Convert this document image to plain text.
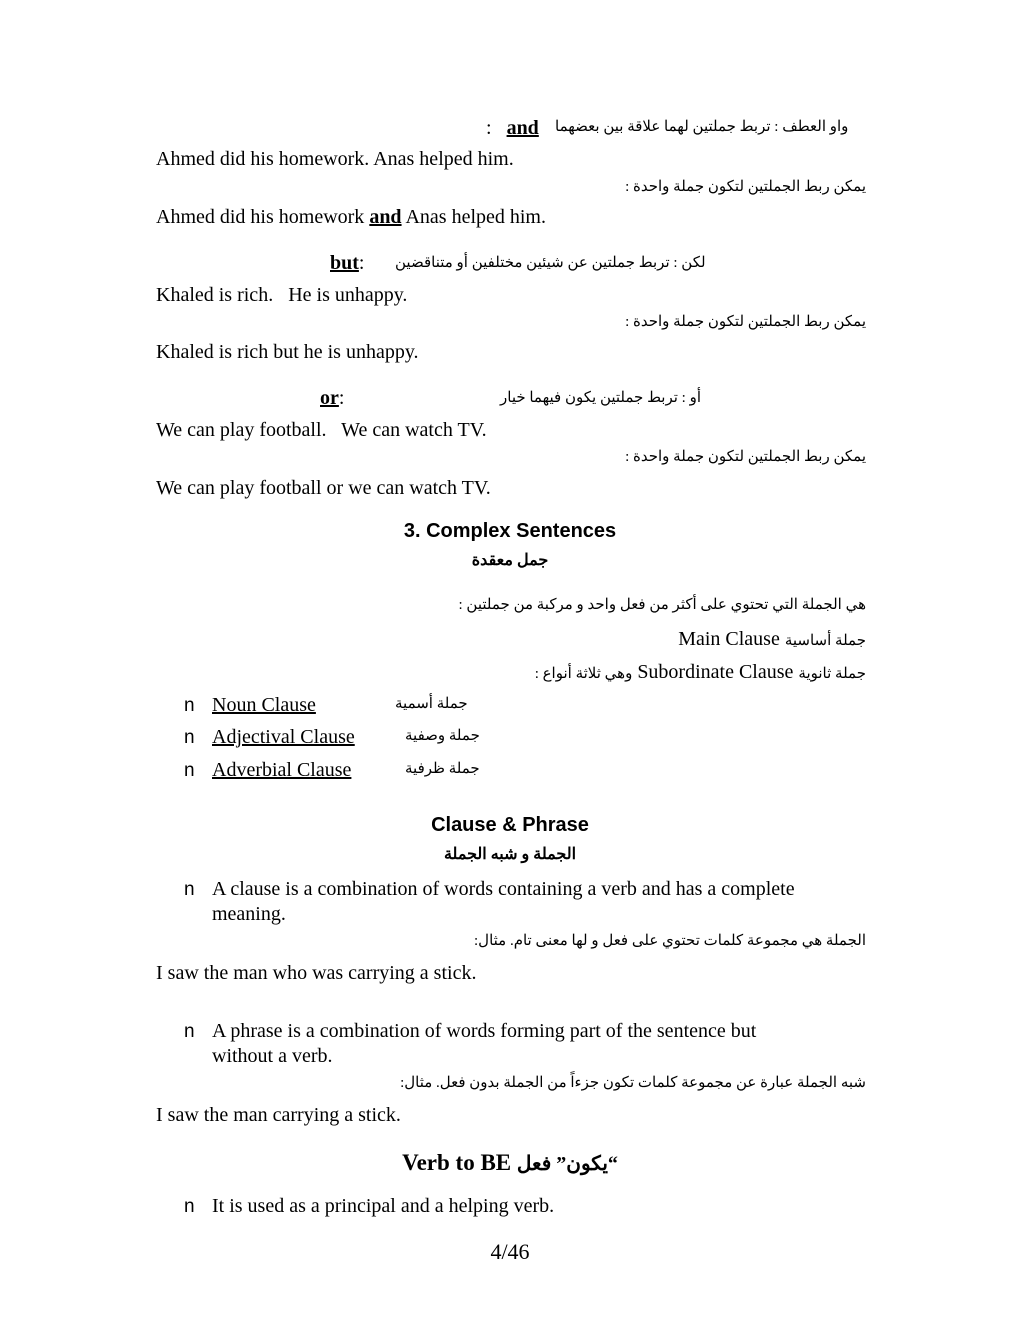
واو العطف : تربط جملتين لهما علاقة بين بعضهما
: and
Ahmed did his homework. Anas helped him.
يمكن ربط الجملتين لتكون جملة واحدة :
Ahmed did his homework and Anas helped him.
but: لكن : تربط جملتين عن شيئين مختلفين أو متناقضين
Khaled is rich.   He is unhappy.
يمكن ربط الجملتين لتكون جملة واحدة :
Khaled is rich but he is unhappy.
or:	أو : تربط جملتين يكون فيهما خيار
We can play football.   We can watch TV.
يمكن ربط الجملتين لتكون جملة واحدة :
We can play football or we can watch TV.
3. Complex Sentences
جمل معقدة
هي الجملة التي تحتوي على أكثر من فعل واحد و مركبة من جملتين :
جملة أساسية Main Clause
جملة ثانوية Subordinate Clause وهي ثلاثة أنواع :
n Noun Clause	جملة أسمية
n Adjectival Clause	جملة وصفية
n Adverbial Clause	جملة ظرفية
Clause & Phrase
الجملة و شبه الجملة
n A clause is a combination of words containing a verb and has a complete
meaning.
الجملة هي مجموعة كلمات تحتوي على فعل و لها معنى تام. مثال:
I saw the man who was carrying a stick.
n A phrase is a combination of words forming part of the sentence but
without a verb.
شبه الجملة عبارة عن مجموعة كلمات تكون جزءاً من الجملة بدون فعل. مثال:
I saw the man carrying a stick.
Verb to BE “يكون” فعل
n It is used as a principal and a helping verb.
4/46
